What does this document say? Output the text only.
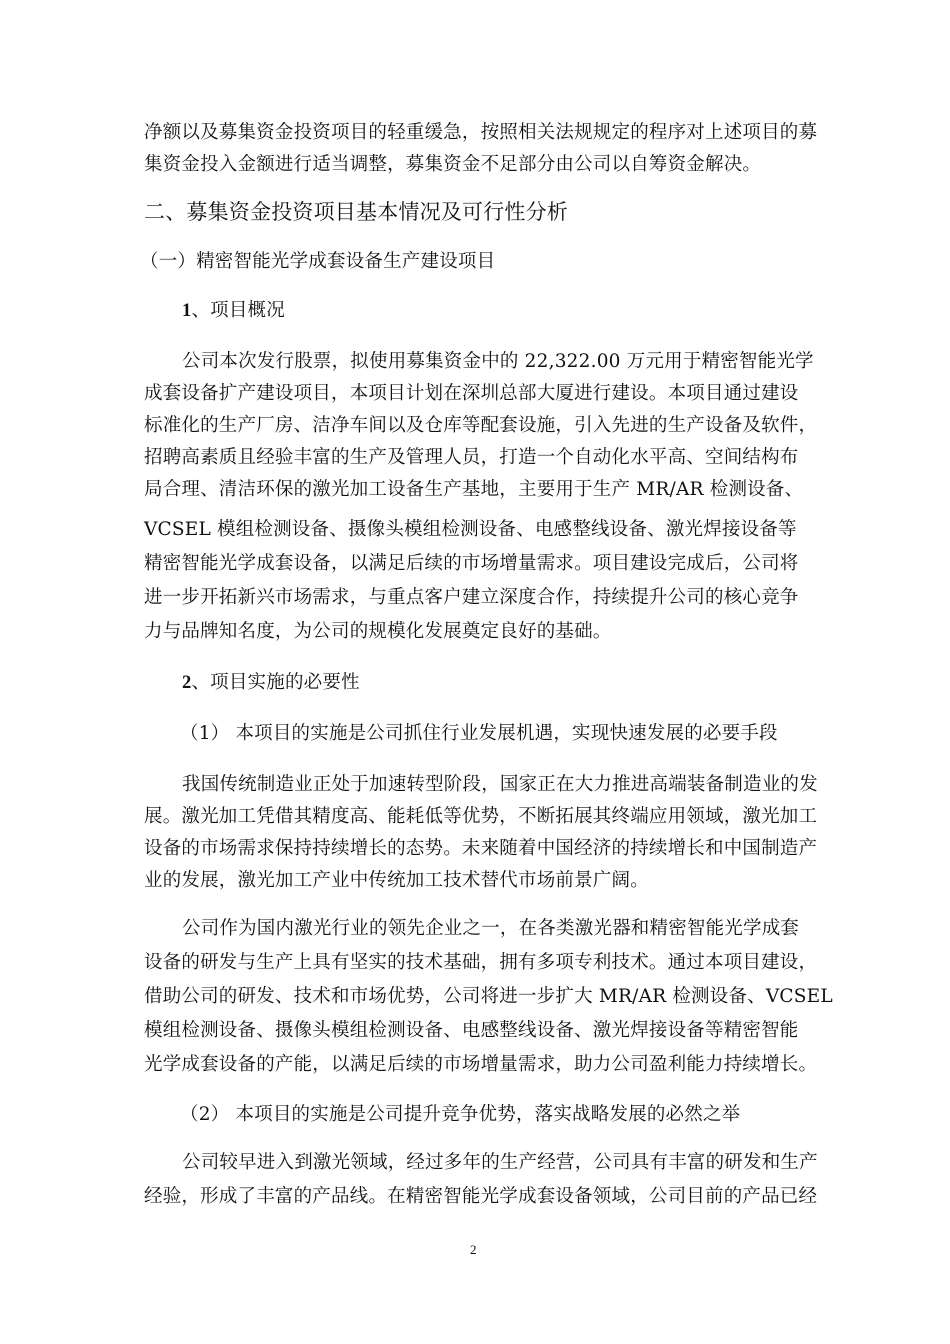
净额以及募集资金投资项目的轻重缓急，按照相关法规规定的程序对上述项目的募
集资金投入金额进行适当调整，募集资金不足部分由公司以自筹资金解决。
二、募集资金投资项目基本情况及可行性分析
（一）精密智能光学成套设备生产建设项目
1、项目概况
公司本次发行股票，拟使用募集资金中的 22,322.00 万元用于精密智能光学
成套设备扩产建设项目，本项目计划在深圳总部大厦进行建设。本项目通过建设
标准化的生产厂房、洁净车间以及仓库等配套设施，引入先进的生产设备及软件，
招聘高素质且经验丰富的生产及管理人员，打造一个自动化水平高、空间结构布
局合理、清洁环保的激光加工设备生产基地，主要用于生产 MR/AR 检测设备、
VCSEL 模组检测设备、摄像头模组检测设备、电感整线设备、激光焊接设备等
精密智能光学成套设备，以满足后续的市场增量需求。项目建设完成后，公司将
进一步开拓新兴市场需求，与重点客户建立深度合作，持续提升公司的核心竞争
力与品牌知名度，为公司的规模化发展奠定良好的基础。
2、项目实施的必要性
（1） 本项目的实施是公司抓住行业发展机遇，实现快速发展的必要手段
我国传统制造业正处于加速转型阶段，国家正在大力推进高端装备制造业的发
展。激光加工凭借其精度高、能耗低等优势，不断拓展其终端应用领域，激光加工
设备的市场需求保持持续增长的态势。未来随着中国经济的持续增长和中国制造产
业的发展，激光加工产业中传统加工技术替代市场前景广阔。
公司作为国内激光行业的领先企业之一，在各类激光器和精密智能光学成套
设备的研发与生产上具有坚实的技术基础，拥有多项专利技术。通过本项目建设，
借助公司的研发、技术和市场优势，公司将进一步扩大 MR/AR 检测设备、VCSEL
模组检测设备、摄像头模组检测设备、电感整线设备、激光焊接设备等精密智能
光学成套设备的产能，以满足后续的市场增量需求，助力公司盈利能力持续增长。
（2） 本项目的实施是公司提升竞争优势，落实战略发展的必然之举
公司较早进入到激光领域，经过多年的生产经营，公司具有丰富的研发和生产
经验，形成了丰富的产品线。在精密智能光学成套设备领域，公司目前的产品已经
2
